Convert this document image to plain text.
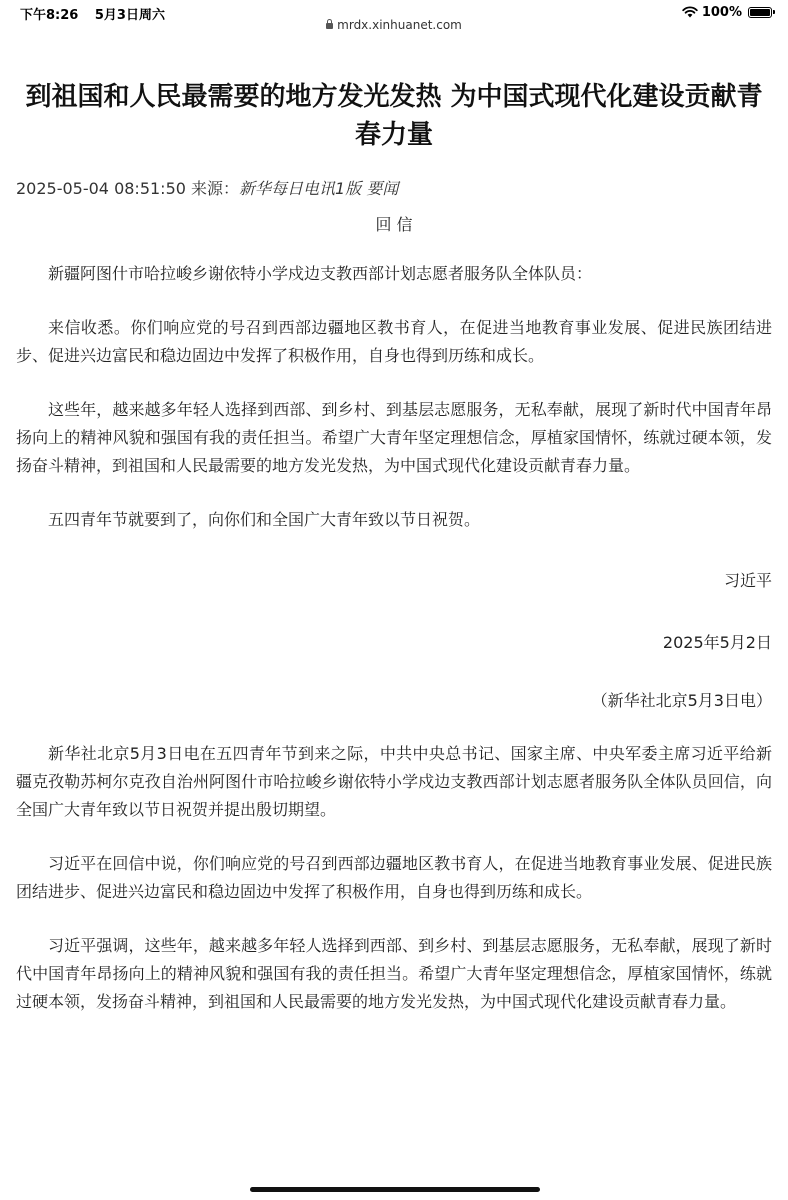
下午8:26 5月3日周六	100%
mrdx.xinhuanet.com
到祖国和人民最需要的地方发光发热 为中国式现代化建设贡献青春力量
2025-05-04 08:51:50 来源：新华每日电讯1版 要闻
回 信

新疆阿图什市哈拉峻乡谢依特小学戍边支教西部计划志愿者服务队全体队员：

来信收悉。你们响应党的号召到西部边疆地区教书育人，在促进当地教育事业发展、促进民族团结进步、促进兴边富民和稳边固边中发挥了积极作用，自身也得到历练和成长。

这些年，越来越多年轻人选择到西部、到乡村、到基层志愿服务，无私奉献，展现了新时代中国青年昂扬向上的精神风貌和强国有我的责任担当。希望广大青年坚定理想信念，厚植家国情怀，练就过硬本领，发扬奋斗精神，到祖国和人民最需要的地方发光发热，为中国式现代化建设贡献青春力量。

五四青年节就要到了，向你们和全国广大青年致以节日祝贺。

习近平

2025年5月2日

（新华社北京5月3日电）

新华社北京5月3日电在五四青年节到来之际，中共中央总书记、国家主席、中央军委主席习近平给新疆克孜勒苏柯尔克孜自治州阿图什市哈拉峻乡谢依特小学戍边支教西部计划志愿者服务队全体队员回信，向全国广大青年致以节日祝贺并提出殷切期望。

习近平在回信中说，你们响应党的号召到西部边疆地区教书育人，在促进当地教育事业发展、促进民族团结进步、促进兴边富民和稳边固边中发挥了积极作用，自身也得到历练和成长。

习近平强调，这些年，越来越多年轻人选择到西部、到乡村、到基层志愿服务，无私奉献，展现了新时代中国青年昂扬向上的精神风貌和强国有我的责任担当。希望广大青年坚定理想信念，厚植家国情怀，练就过硬本领，发扬奋斗精神，到祖国和人民最需要的地方发光发热，为中国式现代化建设贡献青春力量。
